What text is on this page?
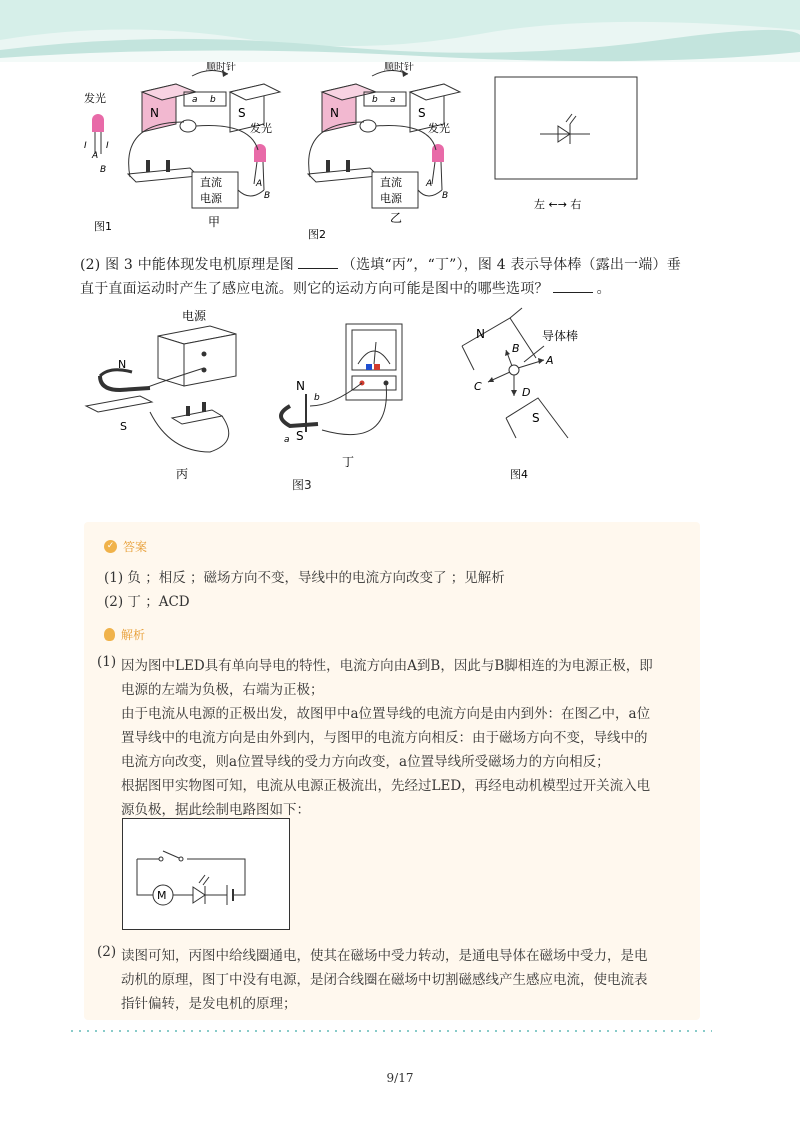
N	S
a b
顺时针
发光
I I
A
B
直流
电源
发光
A
B
图1	甲
N	S
b a
顺时针
直流
电源
发光
A
B
图2
乙
左 ←→ 右
(2) 图 3 中能体现发电机原理是图	（选填“丙”，“丁”），图 4 表示导体棒（露出一端）垂
直于直面运动时产生了感应电流。则它的运动方向可能是图中的哪些选项？	。
电源
N
S
丙
N
b
a S
丁
图3
N
S
导体棒
A
B
C	D
图4
✓ 答案
(1) 负 ；相反 ；磁场方向不变，导线中的电流方向改变了 ；见解析
(2) 丁 ；ACD
解析
(1) 因为图中LED具有单向导电的特性，电流方向由A到B，因此与B脚相连的为电源正极，即
电源的左端为负极，右端为正极；
由于电流从电源的正极出发，故图甲中a位置导线的电流方向是由内到外：在图乙中，a位
置导线中的电流方向是由外到内，与图甲的电流方向相反：由于磁场方向不变，导线中的
电流方向改变，则a位置导线的受力方向改变，a位置导线所受磁场力的方向相反；
根据图甲实物图可知，电流从电源正极流出，先经过LED，再经电动机模型过开关流入电
源负极，据此绘制电路图如下：
M
(2) 读图可知，丙图中给线圈通电，使其在磁场中受力转动，是通电导体在磁场中受力，是电
动机的原理，图丁中没有电源，是闭合线圈在磁场中切割磁感线产生感应电流，使电流表
指针偏转，是发电机的原理；
9/17
